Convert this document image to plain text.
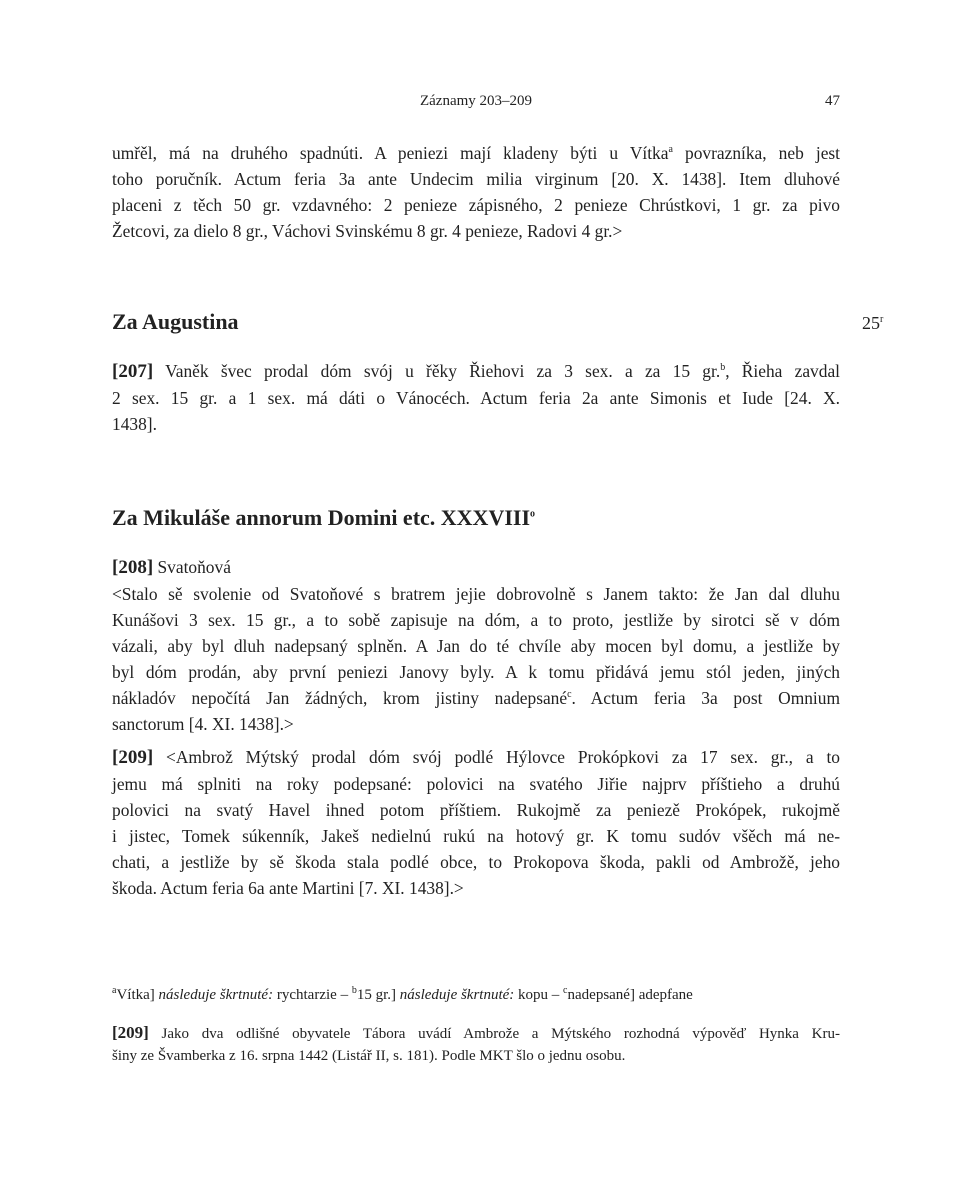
Záznamy 203–209	47
umřěl, má na druhého spadnúti. A peniezi mají kladeny býti u Vítka$^a$ povrazníka, neb jest
toho poručník. Actum feria 3a ante Undecim milia virginum [20. X. 1438]. Item dluhové
placeni z těch 50 gr. vzdavného: 2 penieze zápisného, 2 penieze Chrústkovi, 1 gr. za pivo
Žetcovi, za dielo 8 gr., Váchovi Svinskému 8 gr. 4 penieze, Radovi 4 gr.>
Za Augustina	25$^r$
[207] Vaněk švec prodal dóm svój u řěky Řiehovi za 3 sex. a za 15 gr.$^b$, Řieha zavdal
2 sex. 15 gr. a 1 sex. má dáti o Vánocéch. Actum feria 2a ante Simonis et Iude [24. X.
1438].
Za Mikuláše annorum Domini etc. XXXVIII$^o$
[208] Svatoňová
<Stalo sě svolenie od Svatoňové s bratrem jejie dobrovolně s Janem takto: že Jan dal dluhu
Kunášovi 3 sex. 15 gr., a to sobě zapisuje na dóm, a to proto, jestliže by sirotci sě v dóm
vázali, aby byl dluh nadepsaný splněn. A Jan do té chvíle aby mocen byl domu, a jestliže by
byl dóm prodán, aby první peniezi Janovy byly. A k tomu přidává jemu stól jeden, jiných
nákladóv nepočítá Jan žádných, krom jistiny nadepsané$^c$. Actum feria 3a post Omnium
sanctorum [4. XI. 1438].>
[209] <Ambrož Mýtský prodal dóm svój podlé Hýlovce Prokópkovi za 17 sex. gr., a to
jemu má splniti na roky podepsané: polovici na svatého Jiřie najprv příštieho a druhú
polovici na svatý Havel ihned potom příštiem. Rukojmě za peniezě Prokópek, rukojmě
i jistec, Tomek súkenník, Jakeš nedielnú rukú na hotový gr. K tomu sudóv všěch má ne-
chati, a jestliže by sě škoda stala podlé obce, to Prokopova škoda, pakli od Ambrožě, jeho
škoda. Actum feria 6a ante Martini [7. XI. 1438].>
$^a$Vítka] následuje škrtnuté: rychtarzie – $^b$15 gr.] následuje škrtnuté: kopu – $^c$nadepsané] adepfane
[209] Jako dva odlišné obyvatele Tábora uvádí Ambrože a Mýtského rozhodná výpověď Hynka Kru-
šiny ze Švamberka z 16. srpna 1442 (Listář II, s. 181). Podle MKT šlo o jednu osobu.
